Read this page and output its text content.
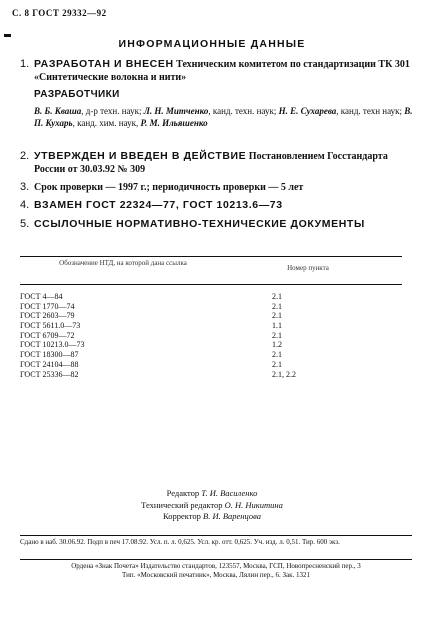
С. 8 ГОСТ 29332—92
ИНФОРМАЦИОННЫЕ ДАННЫЕ
1. РАЗРАБОТАН И ВНЕСЕН Техническим комитетом по стандартизации ТК 301 «Синтетические волокна и нити»
РАЗРАБОТЧИКИ
В. Б. Кваша, д-р техн. наук; Л. Н. Митченко, канд. техн. наук; Н. Е. Сухарева, канд. техн наук; В. П. Кухарь, канд. хим. наук, Р. М. Ильяшенко
2. УТВЕРЖДЕН И ВВЕДЕН В ДЕЙСТВИЕ Постановлением Госстандарта России от 30.03.92 № 309
3. Срок проверки — 1997 г.; периодичность проверки — 5 лет
4. ВЗАМЕН ГОСТ 22324—77, ГОСТ 10213.6—73
5. ССЫЛОЧНЫЕ НОРМАТИВНО-ТЕХНИЧЕСКИЕ ДОКУМЕНТЫ
Обозначение НТД, на которой дана ссылка
Номер пункта
ГОСТ 4—84	2.1
ГОСТ 1770—74	2.1
ГОСТ 2603—79	2.1
ГОСТ 5611.0—73	1.1
ГОСТ 6709—72	2.1
ГОСТ 10213.0—73	1.2
ГОСТ 18300—87	2.1
ГОСТ 24104—88	2.1
ГОСТ 25336—82	2.1, 2.2
Редактор Т. И. Василенко
Технический редактор О. Н. Никитина
Корректор В. И. Варенцова
Сдано в наб. 30.06.92. Подп в печ 17.08.92. Усл. п. л. 0,625. Усл. кр. отт. 0,625. Уч. изд. л. 0,51. Тир. 600 экз.
Ордена «Знак Почета» Издательство стандартов, 123557, Москва, ГСП, Новопресненский пер., 3
Тип. «Московский печатник», Москва, Лялин пер., 6. Зак. 1321
